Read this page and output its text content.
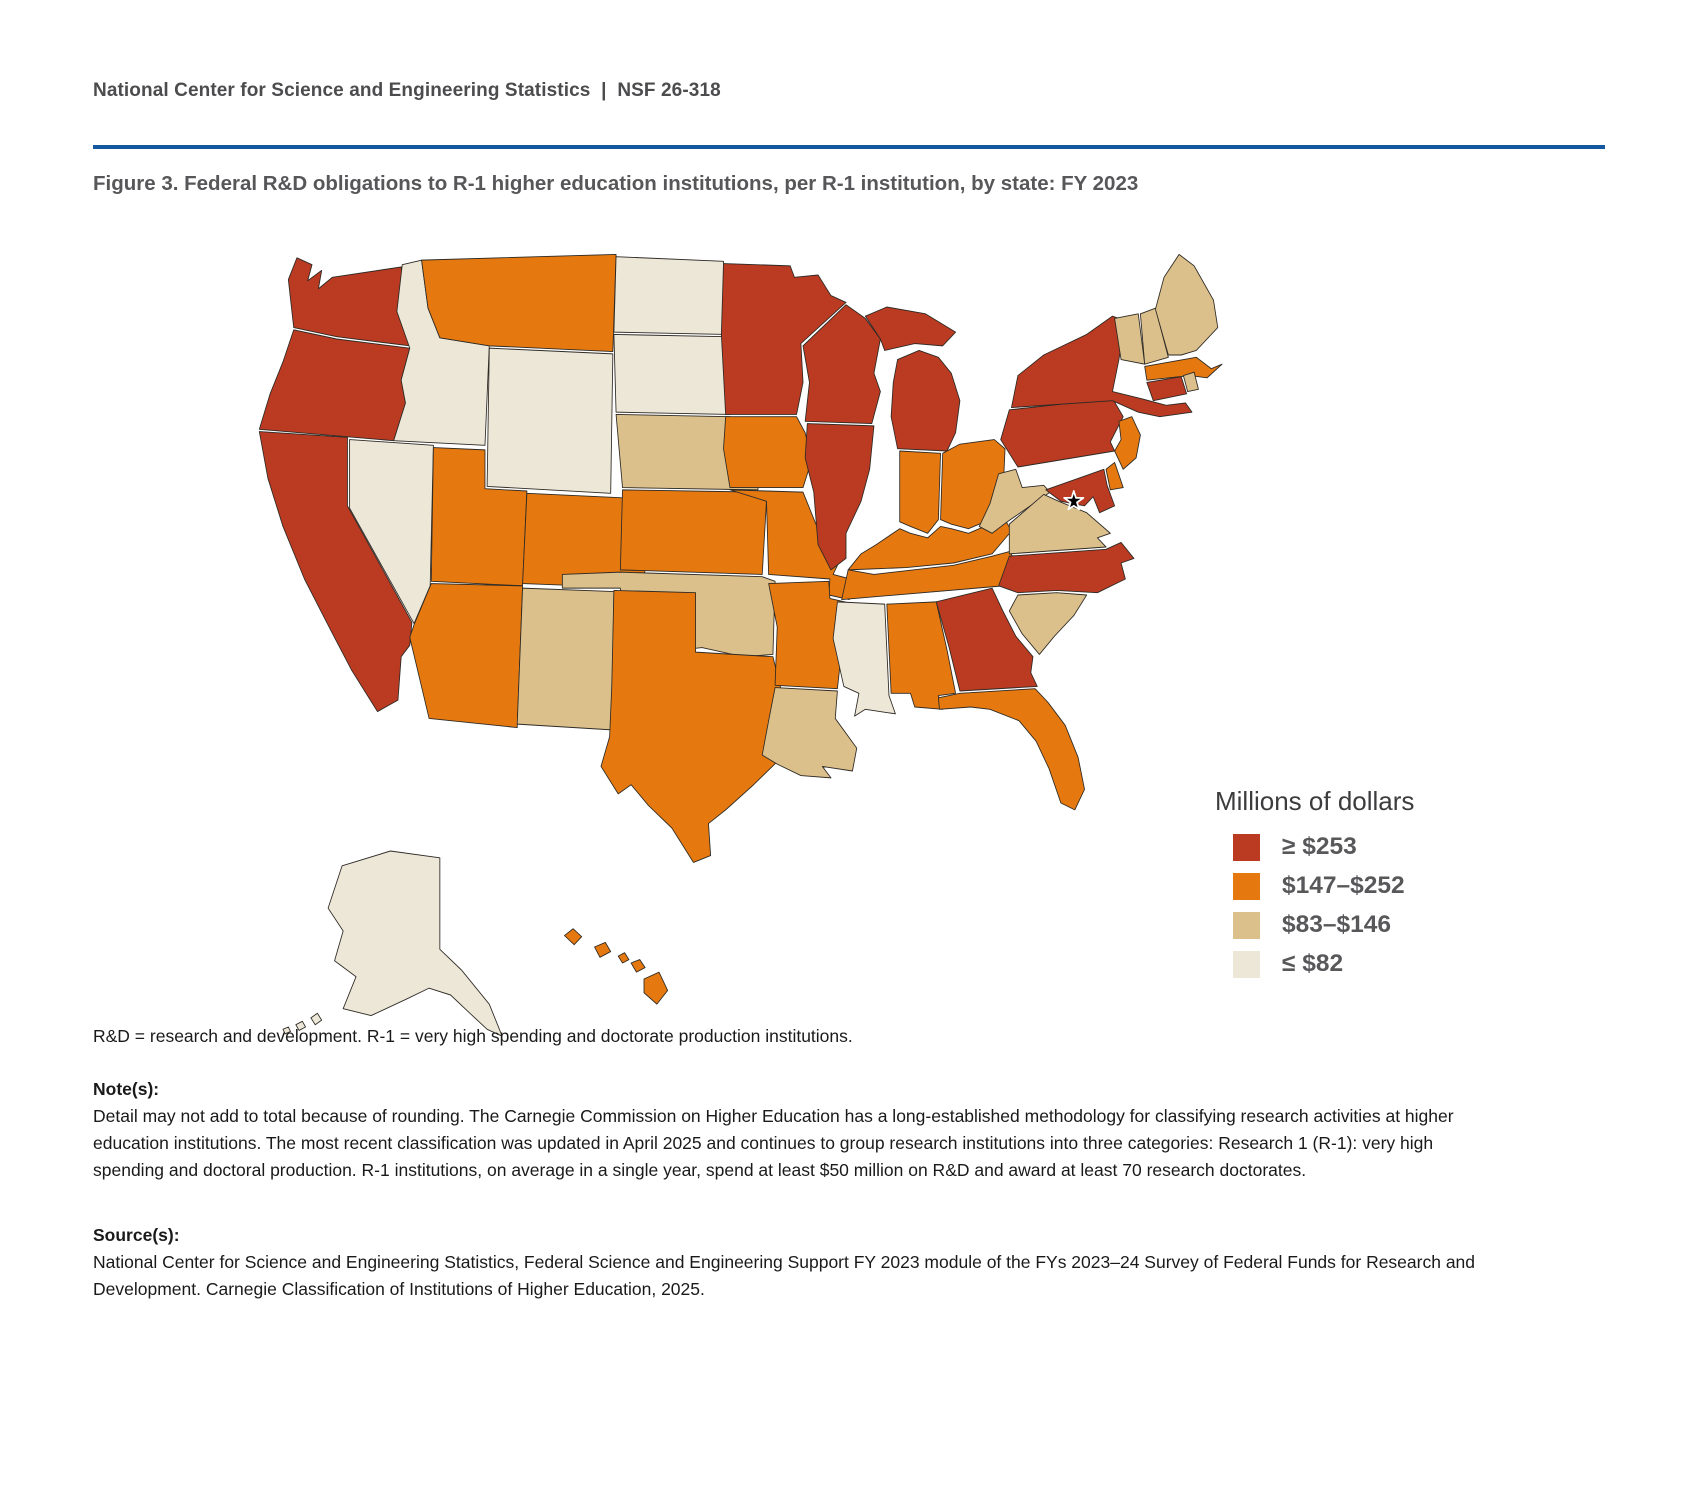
National Center for Science and Engineering Statistics  |  NSF 26-318
Figure 3. Federal R&D obligations to R-1 higher education institutions, per R-1 institution, by state: FY 2023
Millions of dollars
≥ $253
$147–$252
$83–$146
≤ $82
R&D = research and development. R-1 = very high spending and doctorate production institutions.
Note(s):
Detail may not add to total because of rounding. The Carnegie Commission on Higher Education has a long-established methodology for classifying research activities at higher education institutions. The most recent classification was updated in April 2025 and continues to group research institutions into three categories: Research 1 (R-1): very high spending and doctoral production. R-1 institutions, on average in a single year, spend at least $50 million on R&D and award at least 70 research doctorates.
Source(s):
National Center for Science and Engineering Statistics, Federal Science and Engineering Support FY 2023 module of the FYs 2023–24 Survey of Federal Funds for Research and Development. Carnegie Classification of Institutions of Higher Education, 2025.
